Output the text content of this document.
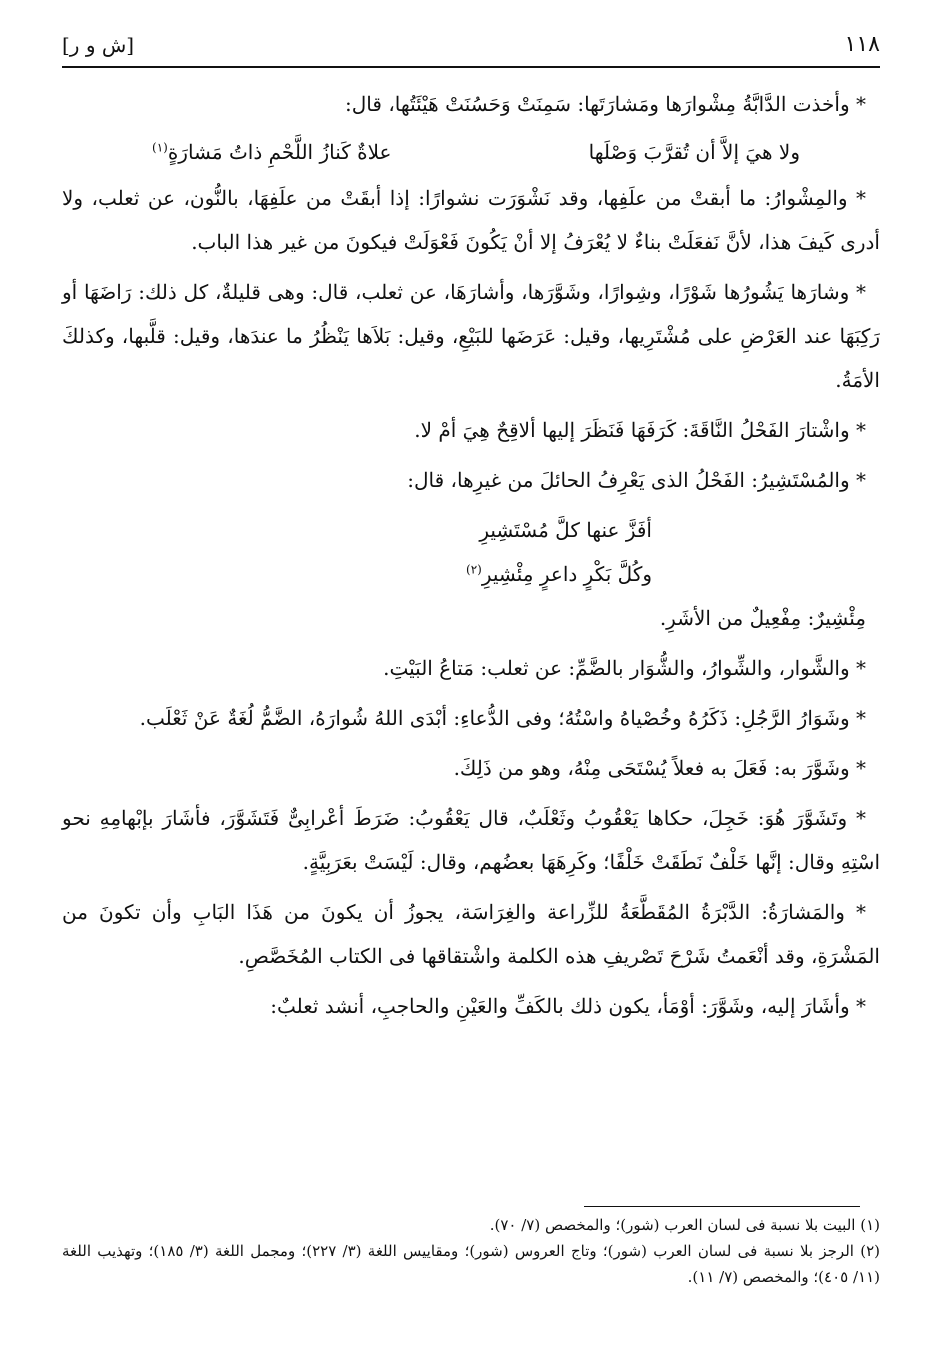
١١٨
[ش و ر]

* وأخذت الدَّابَّةُ مِشْوارَها ومَشارَتَها: سَمِنَتْ وَحَسُنَتْ هَيْئَتُها، قال:

ولا هيَ إلاَّ أن تُقرَّبَ وَصْلَها
علاةٌ كَنازُ اللَّحْمِ ذاتُ مَشارَةٍ$^{(١)}$

* والمِشْوارُ: ما أبقتْ من علَفِها، وقد نَشْوَرَت نشوارًا: إذا أبقَتْ من علَفِهَا، بالنُّون، عن ثعلب، ولا أدرى كَيفَ هذا، لأنَّ نَفعَلَتْ بناءٌ لا يُعْرَفُ إلا أنْ يَكُونَ فَعْوَلَتْ فيكونَ من غير هذا الباب.

* وشارَها يَشُورُها شَوْرًا، وشِوارًا، وشَوَّرَها، وأشارَهَا، عن ثعلب، قال: وهى قليلةٌ، كل ذلك: رَاضَهَا أو رَكِبَهَا عند العَرْضِ على مُشْتَرِيها، وقيل: عَرَضَها للبَيْعِ، وقيل: بَلاَها يَنْظُرُ ما عندَها، وقيل: قلَّبها، وكذلكَ الأمَةُ.

* واشْتارَ الفَحْلُ النَّاقَةَ: كَرَفَهَا فَنَظَرَ إليها ألاقِحٌ هِيَ أمْ لا.

* والمُسْتَشِيرُ: الفَحْلُ الذى يَعْرِفُ الحائلَ من غيرِها، قال:

أفَزَّ عنها كلَّ مُسْتَشِيرِ
وكُلَّ بَكْرٍ داعرٍ مِئْشِيرِ$^{(٢)}$

مِئْشِيرٌ: مِفْعِيلٌ من الأشَرِ.

* والشَّوار، والشِّوارُ، والشُّوَار بالضَّمِّ: عن ثعلب: مَتاعُ البَيْتِ.

* وشَوَارُ الرَّجُلِ: ذَكَرُهُ وخُصْياهُ واسْتُهُ؛ وفى الدُّعاءِ: أبْدَى اللهُ شُوارَهُ، الضَّمُّ لُغَةٌ عَنْ ثَعْلَب.

* وشَوَّرَ به: فَعَلَ به فعلاً يُسْتَحَى مِنْهُ، وهو من ذَلِكَ.

* وتَشَوَّرَ هُوَ: خَجِلَ، حكاها يَعْقُوبُ وثَعْلَبٌ، قال يَعْقُوبُ: ضَرَطَ أعْرابِىٌّ فَتَشَوَّرَ، فأشَارَ بإبْهامِهِ نحو اسْتِهِ وقال: إنَّها خَلْفٌ نَطَقَتْ خَلْفًا؛ وكَرِهَهَا بعضُهم، وقال: لَيْسَتْ بعَرَبِيَّةٍ.

* والمَشارَةُ: الدَّبْرَةُ المُقَطَّعَةُ للزِّراعة والغِرَاسَة، يجوزُ أن يكونَ من هَذَا البَابِ وأن تكونَ من المَشْرَةِ، وقد أنْعَمتُ شَرْحَ تَصْريفِ هذه الكلمة واشْتقاقها فى الكتاب المُخَصَّصِ.

* وأشَارَ إليه، وشَوَّرَ: أوْمَأ، يكون ذلك بالكَفِّ والعَيْنِ والحاجبِ، أنشد ثعلبٌ:

(١) البيت بلا نسبة فى لسان العرب (شور)؛ والمخصص (٧/ ٧٠).

(٢) الرجز بلا نسبة فى لسان العرب (شور)؛ وتاج العروس (شور)؛ ومقاييس اللغة (٣/ ٢٢٧)؛ ومجمل اللغة (٣/ ١٨٥)؛ وتهذيب اللغة (١١/ ٤٠٥)؛ والمخصص (٧/ ١١).
